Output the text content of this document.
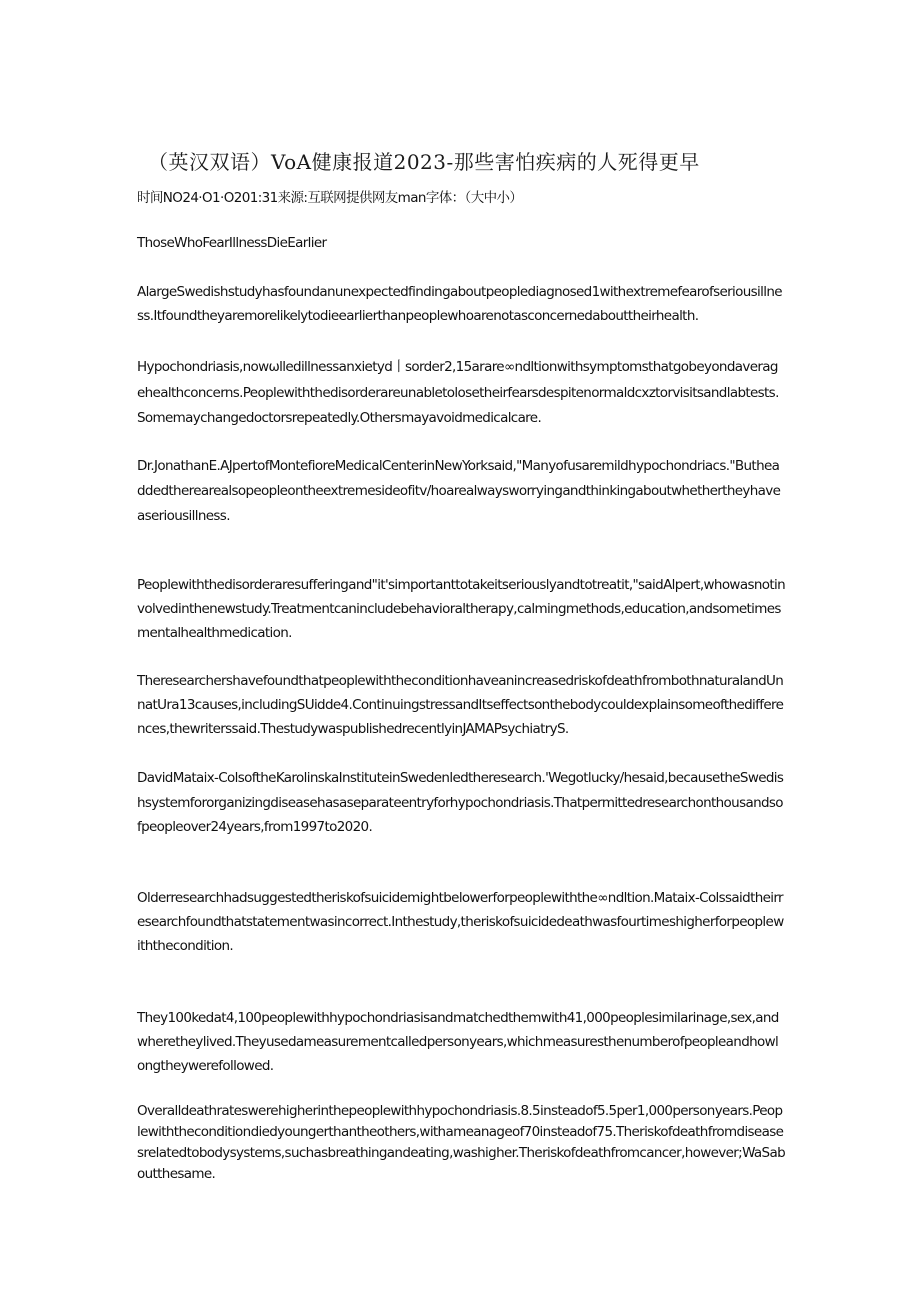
（英汉双语）VoA健康报道2023-那些害怕疾病的人死得更早
时间NO24·O1·O201:31来源:互联网提供网友man字体：（大中小）

ThoseWhoFearIllnessDieEarlier

AlargeSwedishstudyhasfoundanunexpectedfindingaboutpeoplediagnosed1withextremefearofseriousillness.Itfoundtheyaremorelikelytodieearlierthanpeoplewhoarenotasconcernedabouttheirhealth.

Hypochondriasis,nowωlledillnessanxietyd丨sorder2,15arare∞ndltionwithsymptomsthatgobeyondaveragehealthconcerns.Peoplewiththedisorderareunabletolosetheirfearsdespitenormaldcxztorvisitsandlabtests.Somemaychangedoctorsrepeatedly.Othersmayavoidmedicalcare.

Dr.JonathanE.AJpertofMontefioreMedicalCenterinNewYorksaid,"Manyofusaremildhypochondriacs."Butheaddedtherearealsopeopleontheextremesideofitv/hoarealwaysworryingandthinkingaboutwhethertheyhaveaseriousillness.

Peoplewiththedisorderaresufferingand"it'simportanttotakeitseriouslyandtotreatit,"saidAlpert,whowasnotinvolvedinthenewstudy.Treatmentcanincludebehavioraltherapy,calmingmethods,education,andsometimesmentalhealthmedication.

TheresearchershavefoundthatpeoplewiththeconditionhaveanincreasedriskofdeathfrombothnaturalandUnnatUra13causes,includingSUidde4.ContinuingstressandItseffectsonthebodycouldexplainsomeofthedifferences,thewriterssaid.ThestudywaspublishedrecentlyinJAMAPsychiatryS.

DavidMataix-ColsoftheKarolinskaInstituteinSwedenledtheresearch.'Wegotlucky/hesaid,becausetheSwedishsystemfororganizingdiseasehasaseparateentryforhypochondriasis.Thatpermittedresearchonthousandsofpeopleover24years,from1997to2020.

Olderresearchhadsuggestedtheriskofsuicidemightbelowerforpeoplewiththe∞ndltion.Mataix-Colssaidtheirresearchfoundthatstatementwasincorrect.Inthestudy,theriskofsuicidedeathwasfourtimeshigherforpeoplewiththecondition.

They100kedat4,100peoplewithhypochondriasisandmatchedthemwith41,000peoplesimilarinage,sex,andwheretheylived.Theyusedameasurementcalledpersonyears,whichmeasuresthenumberofpeopleandhowlongtheywerefollowed.

Overalldeathrateswerehigherinthepeoplewithhypochondriasis.8.5insteadof5.5per1,000personyears.Peoplewiththeconditiondiedyoungerthantheothers,withameanageof70insteadof75.Theriskofdeathfromdiseasesrelatedtobodysystems,suchasbreathingandeating,washigher.Theriskofdeathfromcancer,however;WaSaboutthesame.
